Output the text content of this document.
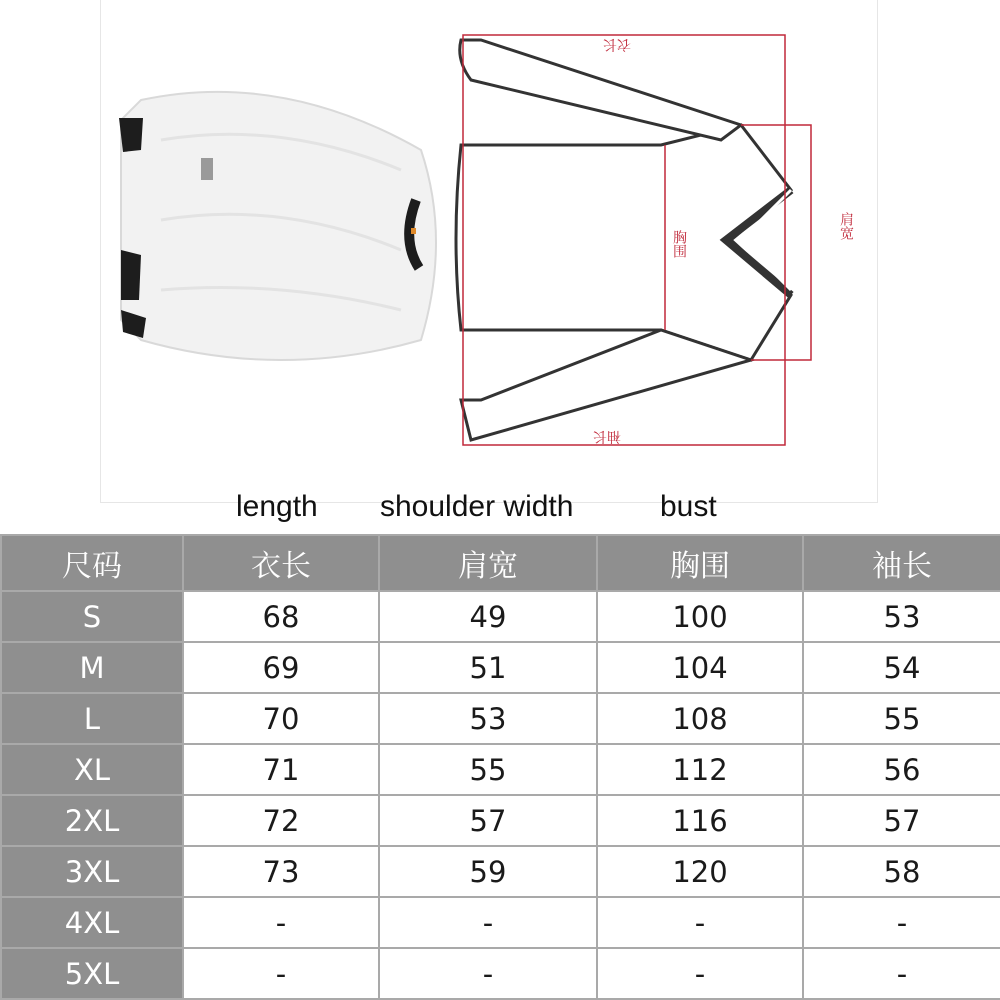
衣长
胸围
肩宽
袖长
length shoulder width	bust
尺码	衣长	肩宽	胸围	袖长
S	68	49	100	53
M	69	51	104	54
L	70	53	108	55
XL	71	55	112	56
2XL	72	57	116	57
3XL	73	59	120	58
4XL	-	-	-	-
5XL	-	-	-	-
